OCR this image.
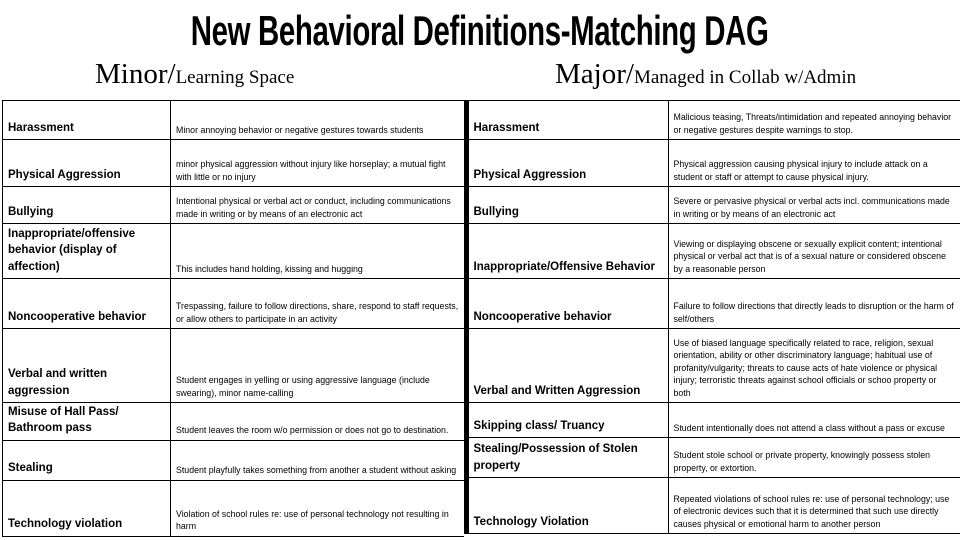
New Behavioral Definitions-Matching DAG
Minor/Learning Space	Major/Managed in Collab w/Admin
Harassment	Minor annoying behavior or negative gestures towards students
Physical Aggression	minor physical aggression without injury like horseplay; a mutual fight with little or no injury
Bullying	Intentional physical or verbal act or conduct, including communications made in writing or by means of an electronic act
Inappropriate/offensive behavior (display of affection)	This includes hand holding, kissing and hugging
Noncooperative behavior	Trespassing, failure to follow directions, share, respond to staff requests, or allow others to participate in an activity
Verbal and written aggression	Student engages in yelling or using aggressive language (include swearing), minor name-calling
Misuse of Hall Pass/ Bathroom pass	Student leaves the room w/o permission or does not go to destination.
Stealing	Student playfully takes something from another a student without asking
Technology violation	Violation of school rules re: use of personal technology not resulting in harm
Harassment	Malicious teasing, Threats/intimidation and repeated annoying behavior or negative gestures despite warnings to stop.
Physical Aggression	Physical aggression causing physical injury to include attack on a student or staff or attempt to cause physical injury.
Bullying	Severe or pervasive physical or verbal acts incl. communications made in writing or by means of an electronic act
Inappropriate/Offensive Behavior	Viewing or displaying obscene or sexually explicit content; intentional physical or verbal act that is of a sexual nature or considered obscene by a reasonable person
Noncooperative behavior	Failure to follow directions that directly leads to disruption or the harm of self/others
Verbal and Written Aggression	Use of biased language specifically related to race, religion, sexual orientation, ability or other discriminatory language; habitual use of profanity/vulgarity; threats to cause acts of hate violence or physical injury; terroristic threats against school officials or schoo property or both
Skipping class/ Truancy	Student intentionally does not attend a class without a pass or excuse
Stealing/Possession of Stolen property	Student stole school or private property, knowingly possess stolen property, or extortion.
Technology Violation	Repeated violations of school rules re: use of personal technology; use of electronic devices such that it is determined that such use directly causes physical or emotional harm to another person
